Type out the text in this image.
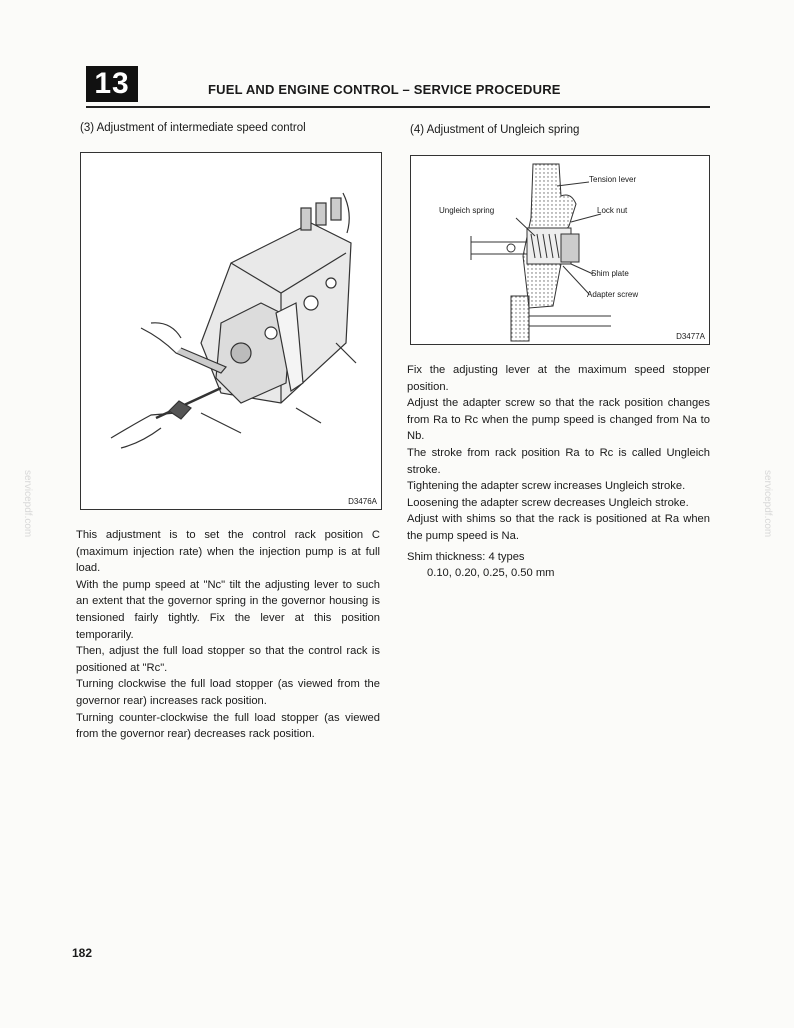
13	FUEL AND ENGINE CONTROL – SERVICE PROCEDURE
(3) Adjustment of intermediate speed control	(4) Adjustment of Ungleich spring
D3476A
Tension lever
Ungleich spring	Lock nut
Shim plate
Adapter screw
D3477A

This adjustment is to set the control rack position C (maximum injection rate) when the injection pump is at full load.

With the pump speed at "Nc" tilt the adjusting lever to such an extent that the governor spring in the governor housing is tensioned fairly tightly. Fix the lever at this position temporarily.

Then, adjust the full load stopper so that the control rack is positioned at "Rc".

Turning clockwise the full load stopper (as viewed from the governor rear) increases rack position.

Turning counter-clockwise the full load stopper (as viewed from the governor rear) decreases rack position.

Fix the adjusting lever at the maximum speed stopper position.

Adjust the adapter screw so that the rack position changes from Ra to Rc when the pump speed is changed from Na to Nb.

The stroke from rack position Ra to Rc is called Ungleich stroke.

Tightening the adapter screw increases Ungleich stroke.

Loosening the adapter screw decreases Ungleich stroke.

Adjust with shims so that the rack is positioned at Ra when the pump speed is Na.

Shim thickness: 4 types

0.10, 0.20, 0.25, 0.50 mm

182
servicepdf.com	servicepdf.com
